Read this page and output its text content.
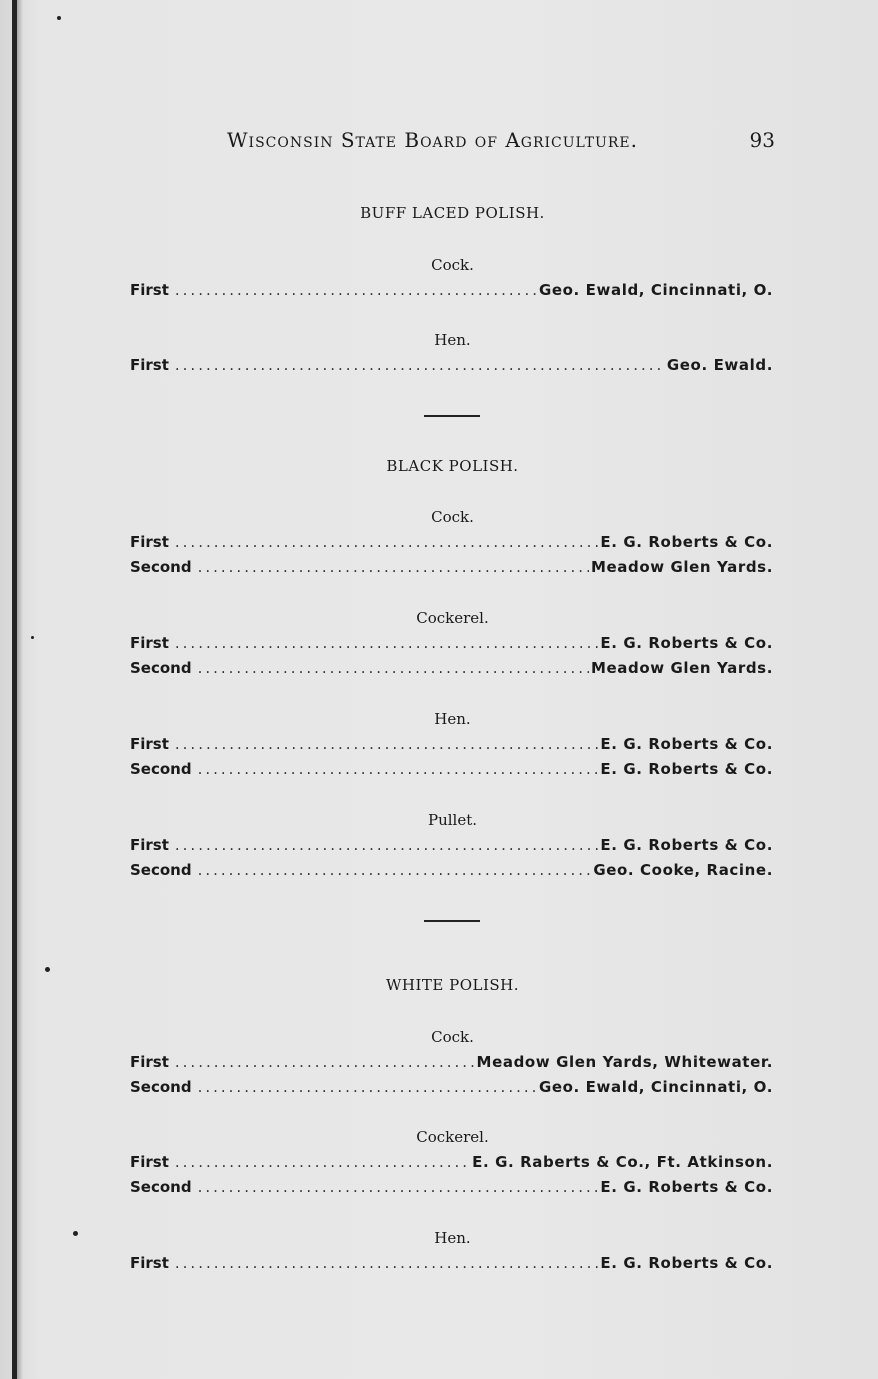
Wisconsin State Board of Agriculture.	93
BUFF LACED POLISH.
Cock.
First .....	Geo. Ewald, Cincinnati, O.
Hen.
First .....	Geo. Ewald.
BLACK POLISH.
Cock.
First .....	E. G. Roberts & Co.
Second .....	Meadow Glen Yards.
Cockerel.
First .....	E. G. Roberts & Co.
Second .....	Meadow Glen Yards.
Hen.
First .....	E. G. Roberts & Co.
Second .....	E. G. Roberts & Co.
Pullet.
First .....	E. G. Roberts & Co.
Second .....	Geo. Cooke, Racine.
WHITE POLISH.
Cock.
First .....	Meadow Glen Yards, Whitewater.
Second .....	Geo. Ewald, Cincinnati, O.
Cockerel.
First .....	E. G. Raberts & Co., Ft. Atkinson.
Second .....	E. G. Roberts & Co.
Hen.
First .....	E. G. Roberts & Co.
